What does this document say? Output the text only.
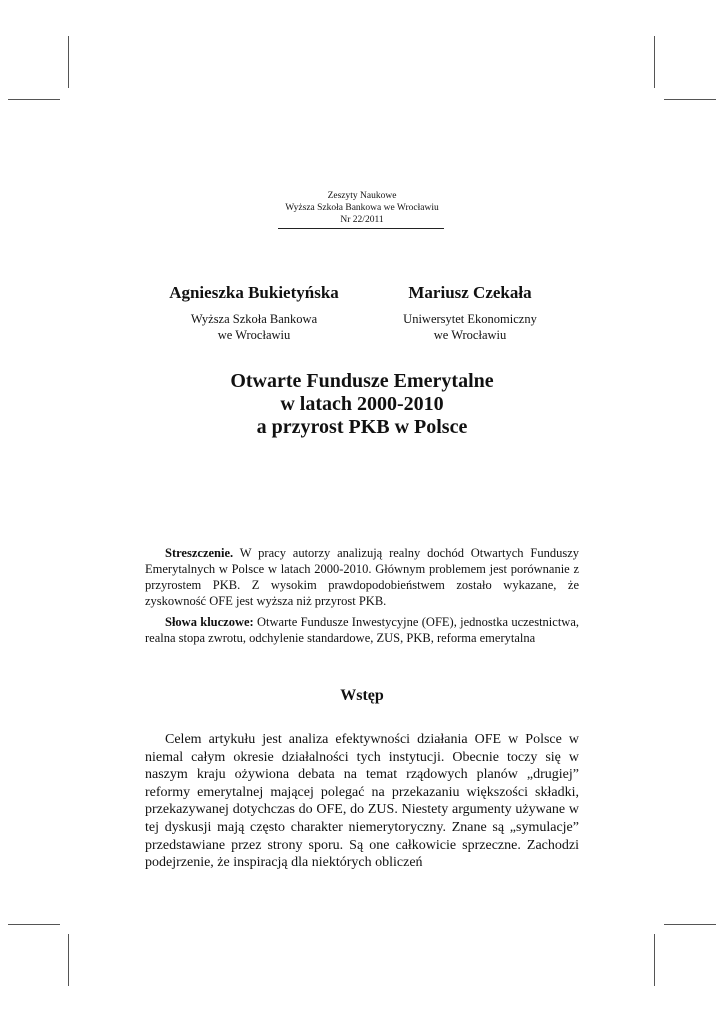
Zeszyty Naukowe
Wyższa Szkoła Bankowa we Wrocławiu
Nr 22/2011
Agnieszka Bukietyńska
Wyższa Szkoła Bankowa
we Wrocławiu
Mariusz Czekała
Uniwersytet Ekonomiczny
we Wrocławiu
Otwarte Fundusze Emerytalne
w latach 2000-2010
a przyrost PKB w Polsce
Streszczenie. W pracy autorzy analizują realny dochód Otwartych Funduszy Emerytalnych w Polsce w latach 2000-2010. Głównym problemem jest porównanie z przyrostem PKB. Z wysokim prawdopodobieństwem zostało wykazane, że zyskowność OFE jest wyższa niż przyrost PKB.
Słowa kluczowe: Otwarte Fundusze Inwestycyjne (OFE), jednostka uczestnictwa, realna stopa zwrotu, odchylenie standardowe, ZUS, PKB, reforma emerytalna
Wstęp
Celem artykułu jest analiza efektywności działania OFE w Polsce w niemal całym okresie działalności tych instytucji. Obecnie toczy się w naszym kraju ożywiona debata na temat rządowych planów „drugiej” reformy emerytalnej mającej polegać na przekazaniu większości składki, przekazywanej dotychczas do OFE, do ZUS. Niestety argumenty używane w tej dyskusji mają często charakter niemerytoryczny. Znane są „symulacje” przedstawiane przez strony sporu. Są one całkowicie sprzeczne. Zachodzi podejrzenie, że inspiracją dla niektórych obliczeń
